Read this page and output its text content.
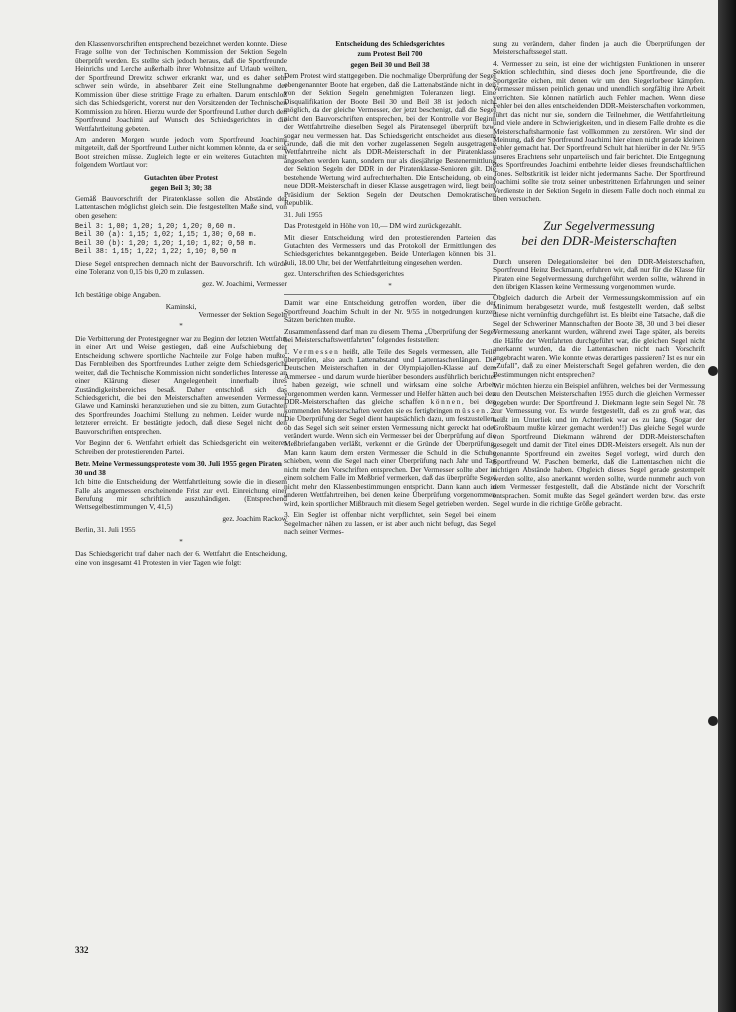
den Klassenvorschriften entsprechend bezeichnet werden konnte. Diese Frage sollte von der Technischen Kommission der Sektion Segeln überprüft werden. Es stellte sich jedoch heraus, daß die Sportfreunde Heinrichs und Lerche außerhalb ihrer Wohnsitze auf Urlaub weilten, der Sportfreund Drewitz schwer erkrankt war, und es daher sehr schwer sein würde, in absehbarer Zeit eine Stellungnahme der Kommission über diese strittige Frage zu erhalten. Darum entschloß sich das Schiedsgericht, vorerst nur den Vorsitzenden der Technischen Kommission zu hören. Hierzu wurde der Sportfreund Luther durch den Sportfreund Joachimi auf Wunsch des Schiedsgerichtes in die Wettfahrtleitung gebeten.

Am anderen Morgen wurde jedoch vom Sportfreund Joachimi mitgeteilt, daß der Sportfreund Luther nicht kommen könnte, da er sein Boot streichen müsse. Zugleich legte er ein weiteres Gutachten mit folgendem Wortlaut vor:

Gutachten über Protest
gegen Beil 3; 30; 38

Gemäß Bauvorschrift der Piratenklasse sollen die Abstände der Lattentaschen möglichst gleich sein. Die festgestellten Maße sind, von oben gesehen:

Beil 3: 1,00; 1,20; 1,20; 1,20; 0,60 m.
Beil 30 (a): 1,15; 1,02; 1,15; 1,30; 0,60 m.
Beil 30 (b): 1,20; 1,20; 1,10; 1,02; 0,50 m.
Beil 38: 1,15; 1,22; 1,22; 1,10; 0,50 m

Diese Segel entsprechen demnach nicht der Bauvorschrift. Ich würde eine Toleranz von 0,15 bis 0,20 m zulassen.

gez. W. Joachimi, Vermesser

Ich bestätige obige Angaben.

Kaminski,

Vermesser der Sektion Segeln

*

Die Verbitterung der Protestgegner war zu Beginn der letzten Wettfahrt in einer Art und Weise gestiegen, daß eine Aufschiebung der Entscheidung schwere sportliche Nachteile zur Folge haben mußte. Das Fernbleiben des Sportfreundes Luther zeigte dem Schiedsgericht weiter, daß die Technische Kommission nicht sonderliches Interesse an einer Klärung dieser Angelegenheit innerhalb ihres Zuständigkeitsbereiches besaß. Daher entschloß sich das Schiedsgericht, die bei den Meisterschaften anwesenden Vermesser Glawe und Kaminski heranzuziehen und sie zu bitten, zum Gutachten des Sportfreundes Joachimi Stellung zu nehmen. Leider wurde nur letzterer erreicht. Er bestätigte jedoch, daß diese Segel nicht den Bauvorschriften entsprechen.

Vor Beginn der 6. Wettfahrt erhielt das Schiedsgericht ein weiteres Schreiben der protestierenden Partei.

Betr. Meine Vermessungsproteste vom 30. Juli 1955 gegen Piraten 30 und 38

Ich bitte die Entscheidung der Wettfahrtleitung sowie die in diesem Falle als angemessen erscheinende Frist zur evtl. Einreichung einer Berufung mir schriftlich auszuhändigen. (Entsprechend Wettsegelbestimmungen V, 41,5)

gez. Joachim Rackow

Berlin, 31. Juli 1955

*

Das Schiedsgericht traf daher nach der 6. Wettfahrt die Entscheidung, eine von insgesamt 41 Protesten in vier Tagen wie folgt:

Entscheidung des Schiedsgerichtes
zum Protest Beil 700
gegen Beil 30 und Beil 38

Dem Protest wird stattgegeben. Die nochmalige Überprüfung der Segel obengenannter Boote hat ergeben, daß die Lattenabstände nicht in den von der Sektion Segeln genehmigten Toleranzen liegt. Eine Disqualifikation der Boote Beil 30 und Beil 38 ist jedoch nicht möglich, da der gleiche Vermesser, der jetzt beschenigt, daß die Segel nicht den Bauvorschriften entsprechen, bei der Kontrolle vor Beginn der Wettfahrtreihe dieselben Segel als Piratensegel überprüft bzw. sogar neu vermessen hat. Das Schiedsgericht entscheidet aus diesem Grunde, daß die mit den vorher zugelassenen Segeln ausgetragene Wettfahrtreihe nicht als DDR-Meisterschaft in der Piratenklasse angesehen werden kann, sondern nur als diesjährige Bestenermittlung der Sektion Segeln der DDR in der Piratenklasse-Senioren gilt. Die bestehende Wertung wird aufrechterhalten. Die Entscheidung, ob eine neue DDR-Meisterschaft in dieser Klasse ausgetragen wird, liegt beim Präsidium der Sektion Segeln der Deutschen Demokratischen Republik.

31. Juli 1955

Das Protestgeld in Höhe von 10,— DM wird zurückgezahlt.

Mit dieser Entscheidung wird den protestierenden Parteien das Gutachten des Vermessers und das Protokoll der Ermittlungen des Schiedsgerichtes bekanntgegeben. Beide Unterlagen können bis 31. Juli, 18.00 Uhr, bei der Wettfahrtleitung eingesehen werden.

gez. Unterschriften des Schiedsgerichtes

*

Damit war eine Entscheidung getroffen worden, über die der Sportfreund Joachim Schult in der Nr. 9/55 in notgedrungen kurzen Sätzen berichten mußte.

Zusammenfassend darf man zu diesem Thema „Überprüfung der Segel bei Meisterschaftswettfahrten" folgendes feststellen:

1. Vermessen heißt, alle Teile des Segels vermessen, alle Teile überprüfen, also auch Lattenabstand und Lattentaschenlängen. Die Deutschen Meisterschaften in der Olympiajollen-Klasse auf dem Ammersee - und darum wurde hierüber besonders ausführlich berichtet - haben gezeigt, wie schnell und wirksam eine solche Arbeit vorgenommen werden kann. Vermesser und Helfer hätten auch bei den DDR-Meisterschaften das gleiche schaffen können, bei den kommenden Meisterschaften werden sie es fertigbringen müssen. 2. Die Überprüfung der Segel dient hauptsächlich dazu, um festzustellen, ob das Segel sich seit seiner ersten Vermessung nicht gereckt hat oder verändert wurde. Wenn sich ein Vermesser bei der Überprüfung auf die Meßbriefangaben verläßt, verkennt er die Gründe der Überprüfung. Man kann kaum dem ersten Vermesser die Schuld in die Schuhe schieben, wenn die Segel nach einer Überprüfung nach Jahr und Tag nicht mehr den Vorschriften entsprechen. Der Vermesser sollte aber in einem solchem Falle im Meßbrief vermerken, daß das überprüfte Segel nicht mehr den Klassenbestimmungen entspricht. Dann kann auch in anderen Wettfahrtreihen, bei denen keine Überprüfung vorgenommen wird, kein sportlicher Mißbrauch mit diesem Segel getrieben werden.

3. Ein Segler ist offenbar nicht verpflichtet, sein Segel bei einem Segelmacher nähen zu lassen, er ist aber auch nicht befugt, das Segel nach seiner Vermes-

sung zu verändern, daher finden ja auch die Überprüfungen der Meisterschaftssegel statt.

4. Vermesser zu sein, ist eine der wichtigsten Funktionen in unserer Sektion schlechthin, sind dieses doch jene Sportfreunde, die die Sportgeräte eichen, mit denen wir um den Siegerlorbeer kämpfen. Vermesser müssen peinlich genau und unendlich sorgfältig ihre Arbeit verrichten. Sie können natürlich auch Fehler machen. Wenn diese Fehler bei den alles entscheidenden DDR-Meisterschaften vorkommen, führt das nicht nur sie, sondern die Teilnehmer, die Wettfahrtleitung und viele andere in Schwierigkeiten, und in diesem Falle drohte es die Meisterschaftsharmonie fast vollkommen zu zerstören. Wir sind der Meinung, daß der Sportfreund Joachimi hier einen nicht gerade kleinen Fehler gemacht hat. Der Sportfreund Schult hat hierüber in der Nr. 9/55 unseres Erachtens sehr unparteiisch und fair berichtet. Die Entgegnung des Sportfreundes Joachimi entbehrte leider dieses freundschaftlichen Tones. Selbstkritik ist leider nicht jedermanns Sache. Der Sportfreund Joachimi sollte sie trotz seiner unbestrittenen Erfahrungen und seiner Verdienste in der Sektion Segeln in diesem Falle doch noch einmal zu üben versuchen.

Zur Segelvermessung
bei den DDR-Meisterschaften

Durch unseren Delegationsleiter bei den DDR-Meisterschaften, Sportfreund Heinz Beckmann, erfuhren wir, daß nur für die Klasse für Piraten eine Segelvermessung durchgeführt werden sollte, während in den übrigen Klassen keine Vermessung vorgenommen wurde.

Obgleich dadurch die Arbeit der Vermessungskommission auf ein Minimum herabgesetzt wurde, muß festgestellt werden, daß selbst diese nicht vernünftig durchgeführt ist. Es bleibt eine Tatsache, daß die Segel der Schweriner Mannschaften der Boote 38, 30 und 3 bei dieser Vermessung anerkannt wurden, während zwei Tage später, als bereits die Hälfte der Wettfahrten durchgeführt war, die gleichen Segel nicht anerkannt wurden, da die Lattentaschen nicht nach Vorschrift angebracht waren. Wie konnte etwas derartiges passieren? Ist es nur ein „Zufall", daß zu einer Meisterschaft Segel gefahren werden, die den Bestimmungen nicht entsprechen?

Wir möchten hierzu ein Beispiel anführen, welches bei der Vermessung zu den Deutschen Meisterschaften 1955 durch die gleichen Vermesser gegeben wurde: Der Sportfreund J. Diekmann legte sein Segel Nr. 78 zur Vermessung vor. Es wurde festgestellt, daß es zu groß war, das heißt im Unterliek und im Achterliek war es zu lang. (Sogar der Großbaum mußte kürzer gemacht werden!!) Das gleiche Segel wurde von Sportfreund Diekmann während der DDR-Meisterschaften gesegelt und damit der Titel eines DDR-Meisters ersegelt. Als nun der genannte Sportfreund ein zweites Segel vorlegt, wird durch den Sportfreund W. Paschen bemerkt, daß die Lattentaschen nicht die richtigen Abstände haben. Obgleich dieses Segel gerade gestempelt werden sollte, also anerkannt werden sollte, wurde nunmehr auch von dem Vermesser festgestellt, daß die Abstände nicht der Vorschrift entsprachen. Somit mußte das Segel geändert werden bzw. das erste Segel wurde in die richtige Größe gebracht.

332
